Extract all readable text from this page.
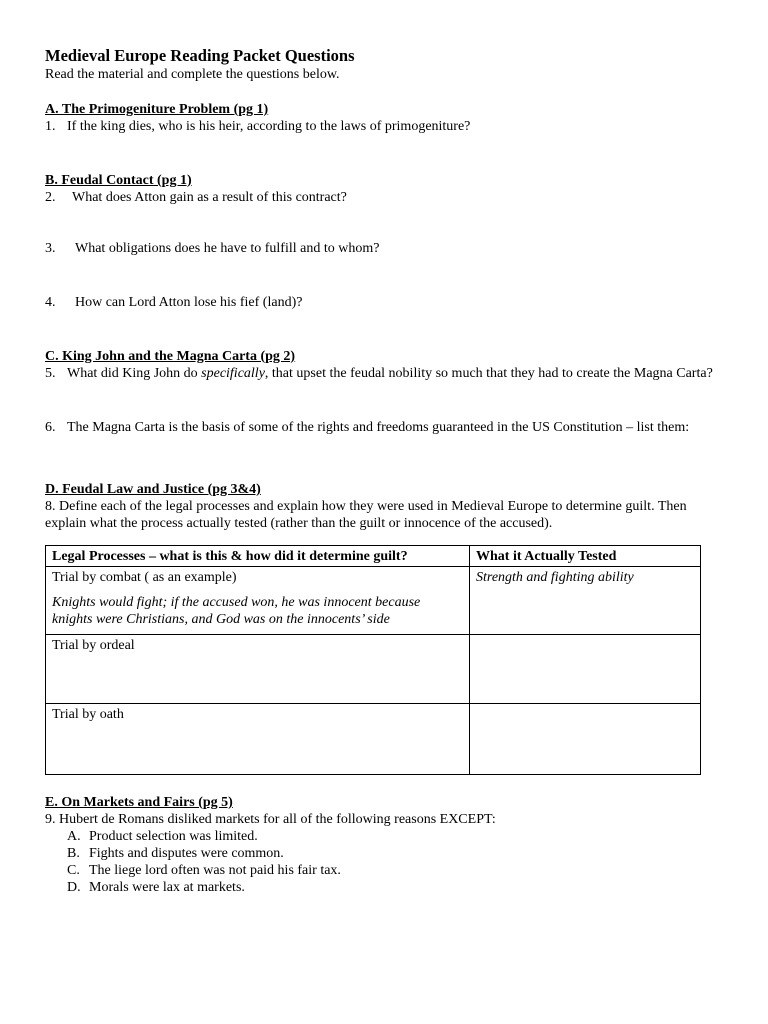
Medieval Europe Reading Packet Questions

Read the material and complete the questions below.

A. The Primogeniture Problem (pg 1)

1. If the king dies, who is his heir, according to the laws of primogeniture?

B. Feudal Contact (pg 1)

2.	What does Atton gain as a result of this contract?
3.	What obligations does he have to fulfill and to whom?
4.	How can Lord Atton lose his fief (land)?

C. King John and the Magna Carta (pg 2)

5. What did King John do specifically, that upset the feudal nobility so much that they had to create the Magna Carta?
6. The Magna Carta is the basis of some of the rights and freedoms guaranteed in the US Constitution – list them:

D. Feudal Law and Justice (pg 3&4)

8. Define each of the legal processes and explain how they were used in Medieval Europe to determine guilt. Then explain what the process actually tested (rather than the guilt or innocence of the accused).

Legal Processes – what is this & how did it determine guilt?	What it Actually Tested
Trial by combat ( as an example)
Knights would fight; if the accused won, he was innocent because knights were Christians, and God was on the innocents’ side	Strength and fighting ability
Trial by ordeal	
Trial by oath	

E. On Markets and Fairs (pg 5)

9. Hubert de Romans disliked markets for all of the following reasons EXCEPT:

A. Product selection was limited.
B. Fights and disputes were common.
C. The liege lord often was not paid his fair tax.
D. Morals were lax at markets.
